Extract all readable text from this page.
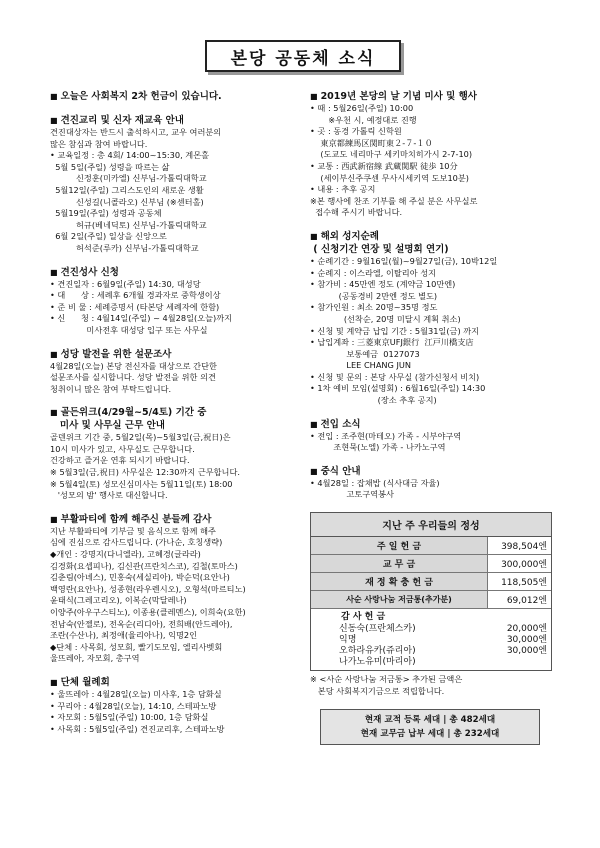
본당 공동체 소식
■ 오늘은 사회복지 2차 헌금이 있습니다.
■ 견진교리 및 신자 재교육 안내
견진대상자는 반드시 출석하시고, 교우 여러분의
많은 참심과 참여 바랍니다.
• 교육일정 : 총 4회/ 14:00~15:30, 계몬홀
5월 5일(주일) 성령을 따르는 삶
신정훈(미카엘) 신부님-가톨릭대학교
5월12일(주일) 그리스도인의 새로운 생활
신성길(니콜라오) 신부님 (※센터홀)
5월19일(주일) 성령과 공동체
허규(베네딕토) 신부님-가톨릭대학교
6월 2일(주일) 일상을 신앙으로
허석준(루카) 신부님-가톨릭대학교
■ 견진성사 신청
• 견진일자 : 6월9일(주일) 14:30, 대성당
• 대      상 : 세례후 6개월 경과자로 중학생이상
• 준 비 물 : 세례증명서 (타본당 세례자에 한함)
• 신      청 : 4월14일(주일) ~ 4월28일(오늘)까지
미사전후 대성당 입구 또는 사무실
■ 성당 발전을 위한 설문조사
4월28일(오늘) 본당 전신자를 대상으로 간단한
설문조사를 실시합니다. 성당 발전을 위한 의견
청취이니 많은 참여 부탁드립니다.
■ 골든위크(4/29월~5/4토) 기간 중
미사 및 사무실 근무 안내
골덴위크 기간 중, 5월2일(목)~5월3일(금,祝日)은
10시 미사가 있고, 사무실도 근무합니다.
건강하고 즐거운 연휴 되시기 바랍니다.
※ 5월3일(금,祝日) 사무실은 12:30까지 근무합니다.
※ 5월4일(토) 성모신심미사는 5월11일(토) 18:00
'성모의 밤' 행사로 대신합니다.
■ 부활파티에 함께 해주신 분들께 감사
지난 부활파티에 기부금 및 음식으로 함께 해주
심에 진심으로 감사드립니다. (가나순, 호칭생략)
◆개인 : 강명지(다니엘라), 고혜경(글라라)
김경화(요셉피나), 김신관(프란치스코), 김철(토마스)
김춘림(아녜스), 민홍숙(세실리아), 박순덕(요안나)
백영란(요안나), 성종현(라우렌시오), 오형석(마르티노)
윤태식(그레고리오), 이복순(막달레나)
이양주(아우구스티노), 이종용(클레멘스), 이희숙(요한)
전남숙(안젤로), 전옥순(리디아), 전희배(안드레아),
조란(수산나), 최정애(율리아나), 익명2인
◆단체 : 사목회, 성모회, 빨기도모임, 엘리사벳회
울뜨레아, 자모회, 총구역
■ 단체 월례회
• 울뜨레아 : 4월28일(오늘) 미사후, 1층 담화실
• 꾸리아 : 4월28일(오늘), 14:10, 스테파노방
• 자모회 : 5월5일(주일) 10:00, 1층 담화실
• 사목회 : 5월5일(주일) 견진교리후, 스테파노방
■ 2019년 본당의 날 기념 미사 및 행사
• 때 : 5월26일(주일) 10:00
※우천 시, 예정대로 진행
• 곳 : 동경 가톨릭 신학원
東京都練馬区関町東２-７-１０
(도교도 네리마구 세키마치히가시 2-7-10)
• 교통 : 西武新宿線 武蔵関駅 徒歩 10分
(세이부신주쿠센 무사시세키역 도보10분)
• 내용 : 추후 공지
※본 행사에 찬조 기부를 해 주실 분은 사무실로
접수해 주시기 바랍니다.
■ 해외 성지순례
( 신청기간 연장 및 설명회 연기)
• 순례기간 : 9월16일(월)~9월27일(금), 10박12일
• 순례지 : 이스라엘, 이탈리아 성지
• 참가비 : 45만엔 정도 (계약금 10만엔)
(공동경비 2만엔 정도 별도)
• 참가인원 : 최소 20명~35명 정도
(선착순, 20명 미달시 계획 취소)
• 신청 및 계약금 납입 기간 : 5월31일(금) 까지
• 납입계좌 : 三菱東京UFJ銀行  江戸川橋支店
보통예금  0127073
LEE CHANG JUN
• 신청 및 문의 : 본당 사무실 (참가신청서 비치)
• 1차 예비 모임(설명회) : 6월16일(주일) 14:30
(장소 추후 공지)
■ 전입 소식
• 전입 : 조주현(마테오) 가족 - 시부야구역
조현묵(노엘) 가족 - 나카노구역
■ 중식 안내
• 4월28일 : 잡채밥 (식사대금 자율)
고토구역봉사
지난 주 우리들의 정성
주 일 헌 금	398,504엔
교 무 금	300,000엔
재 정 확 충 헌 금	118,505엔
사순 사랑나눔 저금통(추가분)	69,012엔
감 사 헌 금
신동숙(프란체스카)	20,000엔
익명	30,000엔
오하라유카(쥬리아)	30,000엔
나가노유미(마리아)
※ <사순 사랑나눔 저금통> 추가된 금액은
본당 사회복지기금으로 적립합니다.
현재 교적 등록 세대 | 총 482세대
현재 교무금 납부 세대 | 총 232세대
